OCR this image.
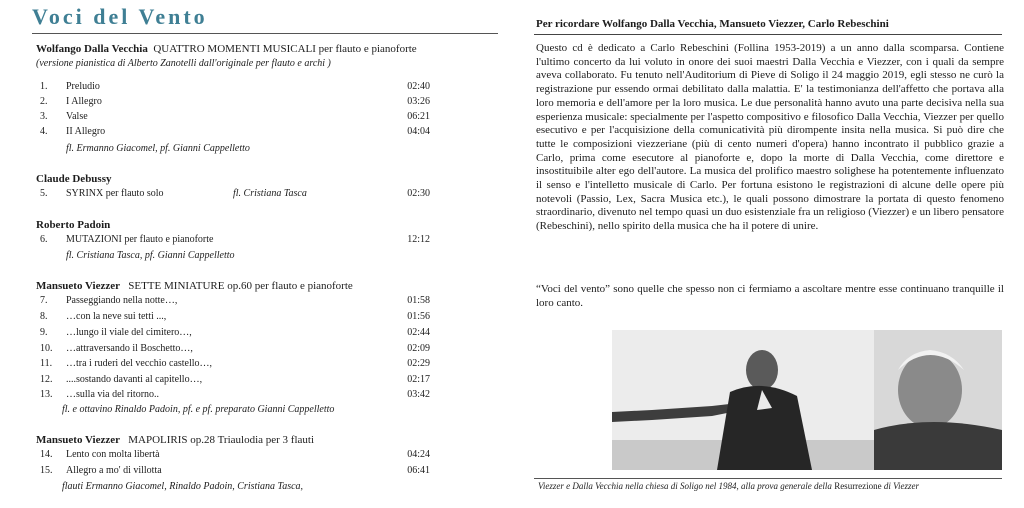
Voci del Vento
Wolfango Dalla Vecchia QUATTRO MOMENTI MUSICALI per flauto e pianoforte
(versione pianistica di Alberto Zanotelli dall'originale per flauto e archi )
1. Preludio	02:40
2. I Allegro	03:26
3. Valse	06:21
4. II Allegro	04:04
fl. Ermanno Giacomel, pf. Gianni Cappelletto
Claude Debussy
5. SYRINX per flauto solo	fl. Cristiana Tasca	02:30
Roberto Padoin
6. MUTAZIONI per flauto e pianoforte	12:12
fl. Cristiana Tasca, pf. Gianni Cappelletto
Mansueto Viezzer SETTE MINIATURE op.60 per flauto e pianoforte
7. Passeggiando nella notte…,	01:58
8. …con la neve sui tetti ...,	01:56
9. …lungo il viale del cimitero…,	02:44
10. …attraversando il Boschetto…,	02:09
11. …tra i ruderi del vecchio castello…,	02:29
12. ....sostando davanti al capitello…,	02:17
13. …sulla via del ritorno..	03:42
fl. e ottavino Rinaldo Padoin, pf. e pf. preparato Gianni Cappelletto
Mansueto Viezzer MAPOLIRIS op.28 Triaulodia per 3 flauti
14. Lento con molta libertà	04:24
15. Allegro a mo' di villotta	06:41
flauti Ermanno Giacomel, Rinaldo Padoin, Cristiana Tasca,
Per ricordare Wolfango Dalla Vecchia, Mansueto Viezzer, Carlo Rebeschini

Questo cd è dedicato a Carlo Rebeschini (Follina 1953-2019) a un anno dalla scomparsa. Contiene l'ultimo concerto da lui voluto in onore dei suoi maestri Dalla Vecchia e Viezzer, con i quali da sempre aveva collaborato. Fu tenuto nell'Auditorium di Pieve di Soligo il 24 maggio 2019, egli stesso ne curò la registrazione pur essendo ormai debilitato dalla malattia. E' la testimonianza dell'affetto che portava alla loro memoria e dell'amore per la loro musica. Le due personalità hanno avuto una parte decisiva nella sua esperienza musicale: specialmente per l'aspetto compositivo e filosofico Dalla Vecchia, Viezzer per quello esecutivo e per l'acquisizione della comunicatività più dirompente insita nella musica. Si può dire che tutte le composizioni viezzeriane (più di cento numeri d'opera) hanno incontrato il pubblico grazie a Carlo, prima come esecutore al pianoforte e, dopo la morte di Dalla Vecchia, come direttore e insostituibile alter ego dell'autore. La musica del prolifico maestro solighese ha potentemente influenzato il senso e l'intelletto musicale di Carlo. Per fortuna esistono le registrazioni di alcune delle opere più notevoli (Passio, Lex, Sacra Musica etc.), le quali possono dimostrare la portata di questo fenomeno straordinario, divenuto nel tempo quasi un duo esistenziale fra un religioso (Viezzer) e un libero pensatore (Rebeschini), nello spirito della musica che ha il potere di unire.

“Voci del vento” sono quelle che spesso non ci fermiamo a ascoltare mentre esse continuano tranquille il loro canto.

Viezzer e Dalla Vecchia nella chiesa di Soligo nel 1984, alla prova generale della Resurrezione di Viezzer
